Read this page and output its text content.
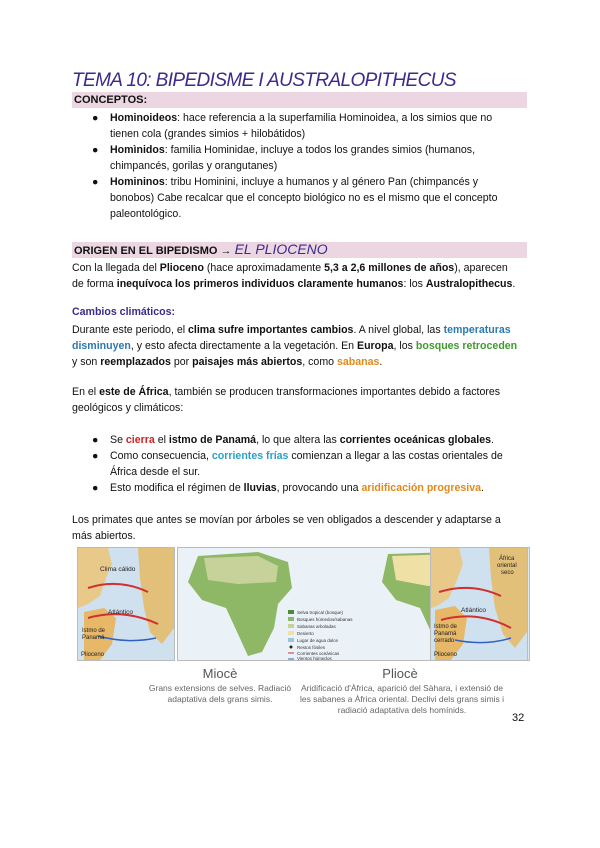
TEMA 10: BIPEDISME I AUSTRALOPITHECUS
CONCEPTOS:
● Hominoideos: hace referencia a la superfamilia Hominoidea, a los simios que no
tienen cola (grandes simios + hilobátidos)
● Homìnidos: familia Hominidae, incluye a todos los grandes simios (humanos,
chimpancés, gorilas y orangutanes)
● Homininos: tribu Hominini, incluye a humanos y al género Pan (chimpancés y
bonobos) Cabe recalcar que el concepto biológico no es el mismo que el concepto
paleontológico.
ORIGEN EN EL BIPEDISMO → EL PLIOCENO
Con la llegada del Plioceno (hace aproximadamente 5,3 a 2,6 millones de años), aparecen
de forma inequívoca los primeros individuos claramente humanos: los Australopithecus.
Cambios climáticos:
Durante este periodo, el clima sufre importantes cambios. A nivel global, las temperaturas
disminuyen, y esto afecta directamente a la vegetación. En Europa, los bosques retroceden
y son reemplazados por paisajes más abiertos, como sabanas.
En el este de África, también se producen transformaciones importantes debido a factores
geológicos y climáticos:
● Se cierra el istmo de Panamá, lo que altera las corrientes oceánicas globales.
● Como consecuencia, corrientes frías comienzan a llegar a las costas orientales de
África desde el sur.
● Esto modifica el régimen de lluvias, provocando una aridificación progresiva.
Los primates que antes se movían por árboles se ven obligados a descender y adaptarse a
más abiertos.
Clima cálido
Atlántico
Istmo de
Panamá
Plioceno
Selva tropical (bosque)
Bosques húmedos/sabanas
Sabanas arboladas
Desierto
Lugar de agua dulce
Restos fósiles
Corrientes oceánicas
Vientos húmedos
África
oriental
seco
Atlántico
Istmo de
Panamá
cerrado
Plioceno
Miocè
Grans extensions de selves. Radiació
adaptativa dels grans simis.
Pliocè
Aridificació d'Àfrica, aparició del Sàhara, i extensió de
les sabanes a Àfrica oriental. Declivi dels grans simis i
radiació adaptativa dels homínids.
32
